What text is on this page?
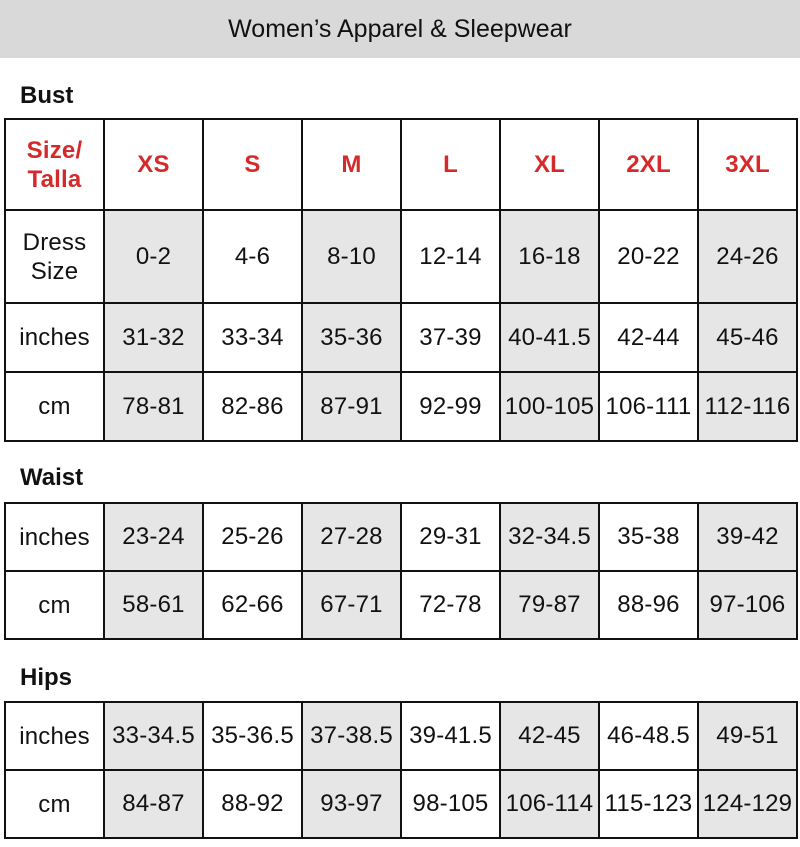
Women’s Apparel & Sleepwear
Bust
Size/
Talla	XS	S	M	L	XL	2XL	3XL
Dress
Size	0-2	4-6	8-10	12-14	16-18	20-22	24-26
inches	31-32	33-34	35-36	37-39	40-41.5	42-44	45-46
cm	78-81	82-86	87-91	92-99	100-105	106-111	112-116
Waist
inches	23-24	25-26	27-28	29-31	32-34.5	35-38	39-42
cm	58-61	62-66	67-71	72-78	79-87	88-96	97-106
Hips
inches	33-34.5	35-36.5	37-38.5	39-41.5	42-45	46-48.5	49-51
cm	84-87	88-92	93-97	98-105	106-114	115-123	124-129
